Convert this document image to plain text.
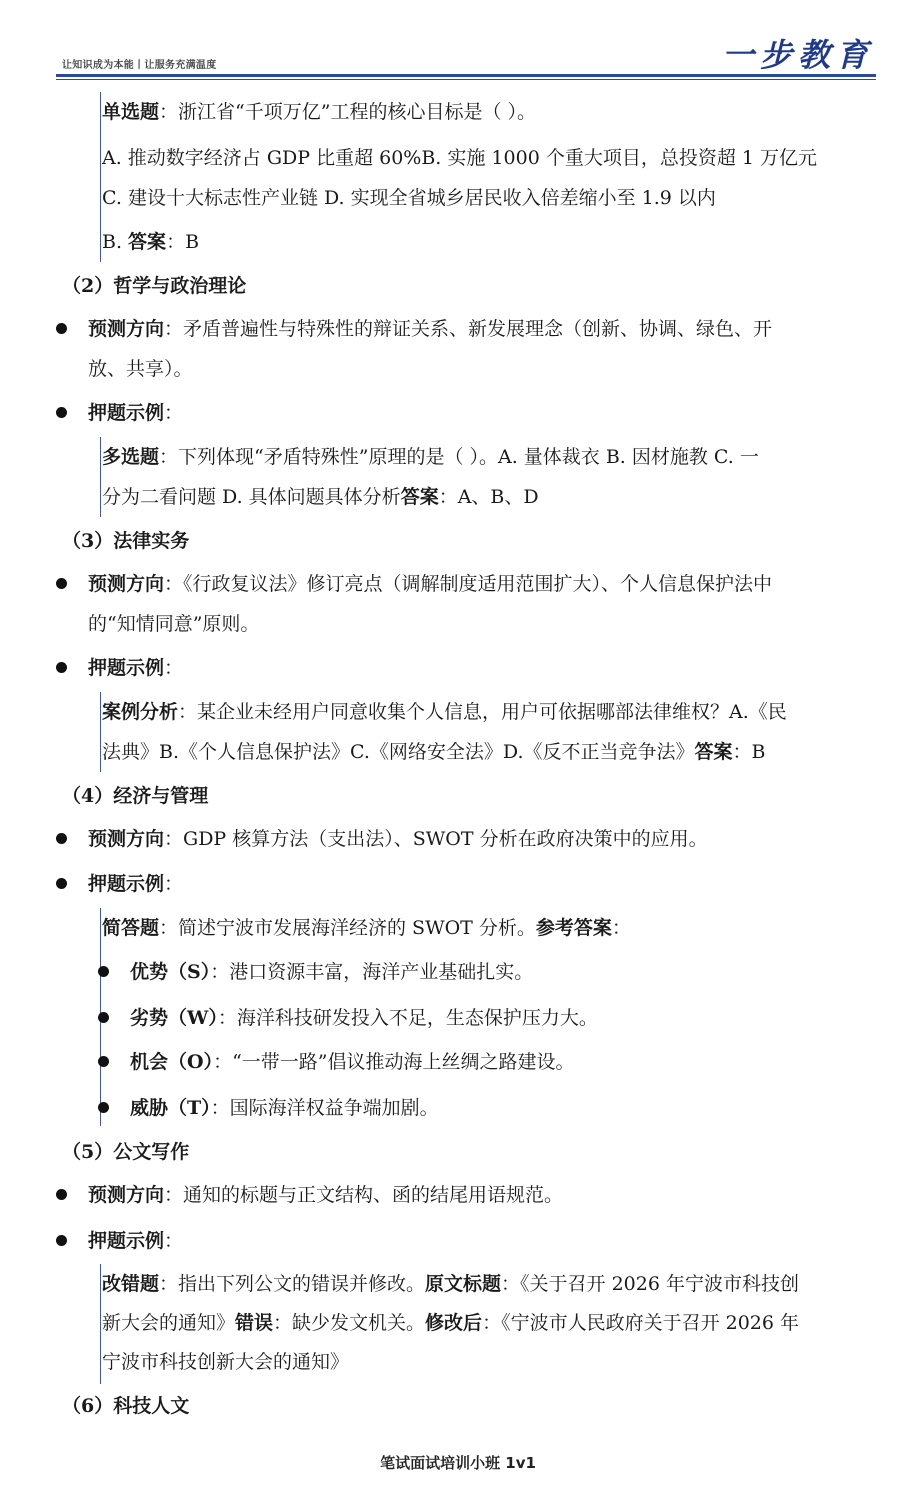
让知识成为本能丨让服务充满温度	一步教育
单选题：浙江省“千项万亿”工程的核心目标是（ ）。
A. 推动数字经济占 GDP 比重超 60%B. 实施 1000 个重大项目，总投资超 1 万亿元
C. 建设十大标志性产业链 D. 实现全省城乡居民收入倍差缩小至 1.9 以内
B. 答案：B
（2）哲学与政治理论
预测方向：矛盾普遍性与特殊性的辩证关系、新发展理念（创新、协调、绿色、开
放、共享）。
押题示例：
多选题：下列体现“矛盾特殊性”原理的是（ ）。A. 量体裁衣 B. 因材施教 C. 一
分为二看问题 D. 具体问题具体分析答案：A、B、D
（3）法律实务
预测方向：《行政复议法》修订亮点（调解制度适用范围扩大）、个人信息保护法中
的“知情同意”原则。
押题示例：
案例分析：某企业未经用户同意收集个人信息，用户可依据哪部法律维权？A.《民
法典》B.《个人信息保护法》C.《网络安全法》D.《反不正当竞争法》答案：B
（4）经济与管理
预测方向：GDP 核算方法（支出法）、SWOT 分析在政府决策中的应用。
押题示例：
简答题：简述宁波市发展海洋经济的 SWOT 分析。参考答案：
优势（S）：港口资源丰富，海洋产业基础扎实。
劣势（W）：海洋科技研发投入不足，生态保护压力大。
机会（O）：“一带一路”倡议推动海上丝绸之路建设。
威胁（T）：国际海洋权益争端加剧。
（5）公文写作
预测方向：通知的标题与正文结构、函的结尾用语规范。
押题示例：
改错题：指出下列公文的错误并修改。原文标题：《关于召开 2026 年宁波市科技创
新大会的通知》错误：缺少发文机关。修改后：《宁波市人民政府关于召开 2026 年
宁波市科技创新大会的通知》
（6）科技人文
笔试面试培训小班 1v1
